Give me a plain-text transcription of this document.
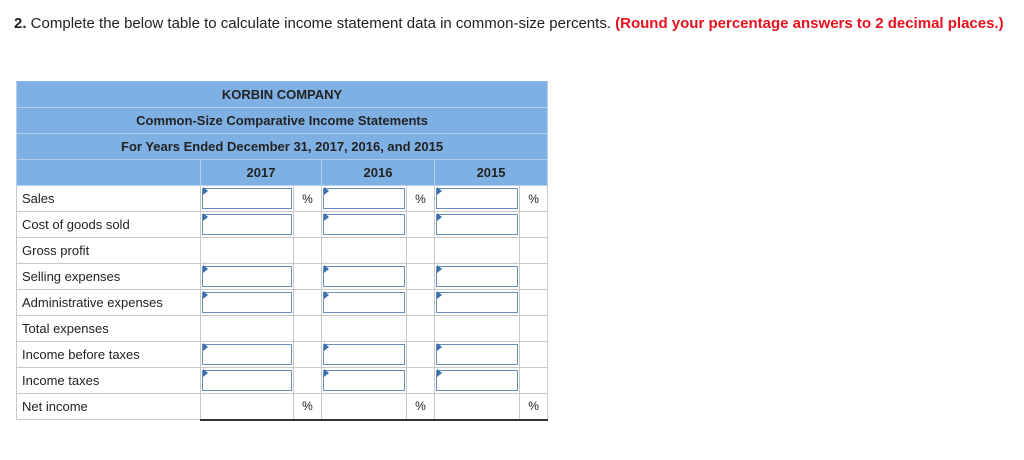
2. Complete the below table to calculate income statement data in common-size percents. (Round your percentage answers to 2 decimal places.)
KORBIN COMPANY						
Common-Size Comparative Income Statements						
For Years Ended December 31, 2017, 2016, and 2015						
	2017		2016		2015	
Sales		%		%		%
Cost of goods sold	

Gross profit						
Selling expenses	

Administrative expenses	

Total expenses						
Income before taxes	

Income taxes	

Net income		%		%		%
